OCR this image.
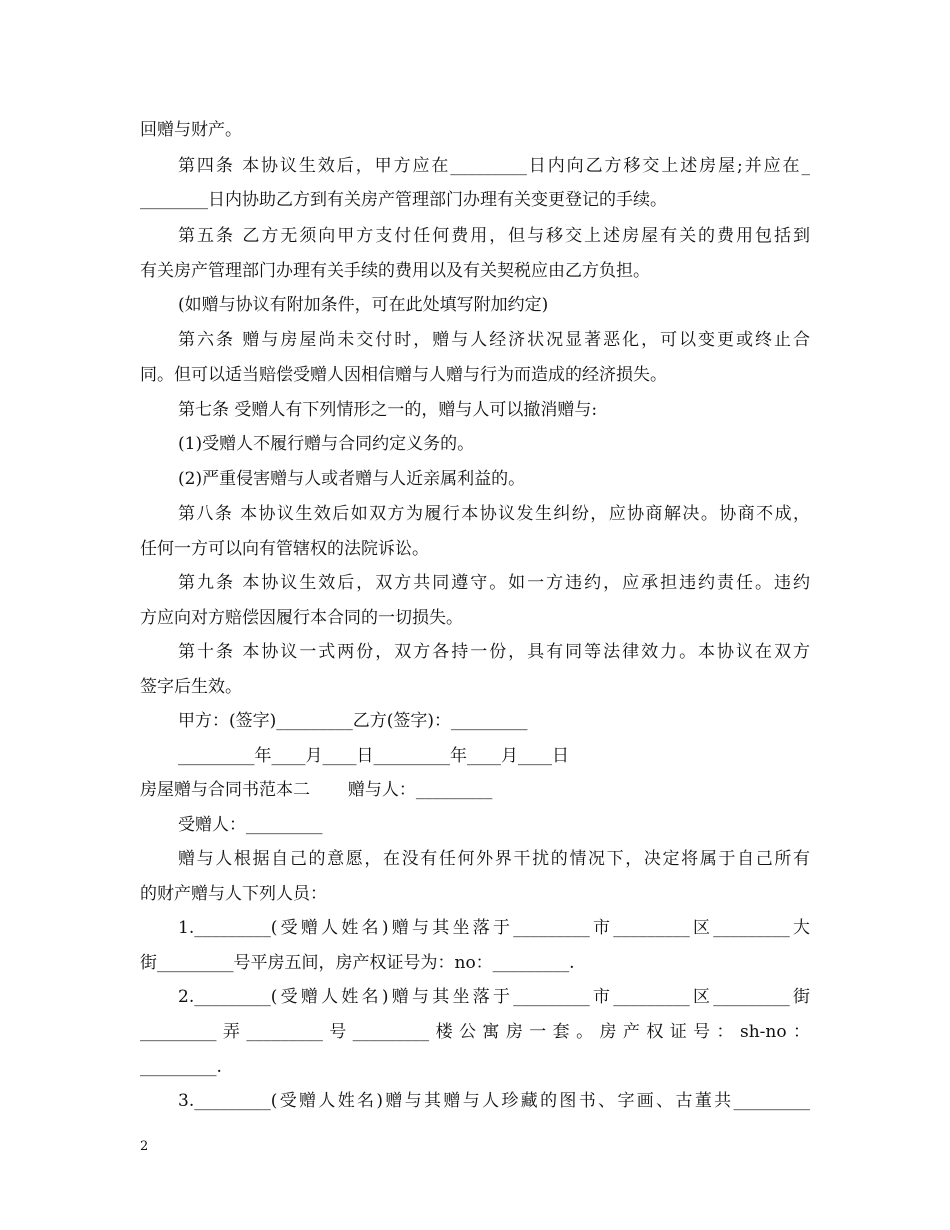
回赠与财产。

第四条 本协议生效后，甲方应在_________日内向乙方移交上述房屋;并应在_

________日内协助乙方到有关房产管理部门办理有关变更登记的手续。

第五条 乙方无须向甲方支付任何费用，但与移交上述房屋有关的费用包括到

有关房产管理部门办理有关手续的费用以及有关契税应由乙方负担。

(如赠与协议有附加条件，可在此处填写附加约定)

第六条 赠与房屋尚未交付时，赠与人经济状况显著恶化，可以变更或终止合

同。但可以适当赔偿受赠人因相信赠与人赠与行为而造成的经济损失。

第七条 受赠人有下列情形之一的，赠与人可以撤消赠与:

(1)受赠人不履行赠与合同约定义务的。

(2)严重侵害赠与人或者赠与人近亲属利益的。

第八条 本协议生效后如双方为履行本协议发生纠纷，应协商解决。协商不成，

任何一方可以向有管辖权的法院诉讼。

第九条 本协议生效后，双方共同遵守。如一方违约，应承担违约责任。违约

方应向对方赔偿因履行本合同的一切损失。

第十条 本协议一式两份，双方各持一份，具有同等法律效力。本协议在双方

签字后生效。

甲方：(签字)_________乙方(签字)：_________

_________年____月____日_________年____月____日

房屋赠与合同书范本二       赠与人：_________

受赠人：_________

赠与人根据自己的意愿，在没有任何外界干扰的情况下，决定将属于自己所有

的财产赠与人下列人员：

1._________(受赠人姓名)赠与其坐落于_________市_________区_________大

街_________号平房五间，房产权证号为：no：_________.

2._________(受赠人姓名)赠与其坐落于_________市_________区_________街

_________弄_________号_________楼公寓房一套。房产权证号：sh-no：

_________.

3._________(受赠人姓名)赠与其赠与人珍藏的图书、字画、古董共_________

2
